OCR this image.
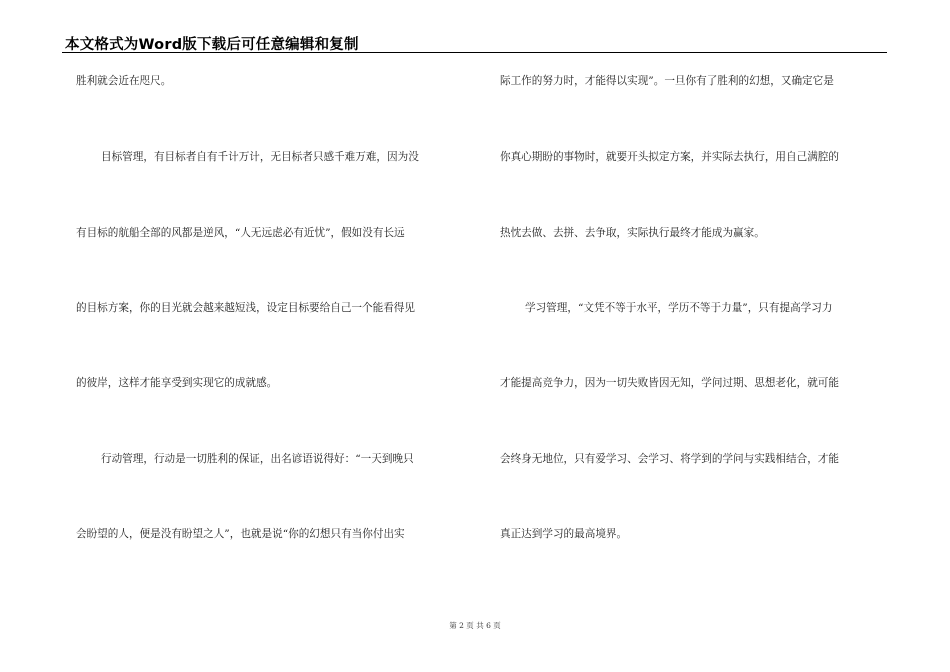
本文格式为Word版下载后可任意编辑和复制
胜利就会近在咫尺。
目标管理，有目标者自有千计万计，无目标者只感千难万难，因为没
有目标的航船全部的风都是逆风，“人无远虑必有近忧”，假如没有长远
的目标方案，你的目光就会越来越短浅，设定目标要给自己一个能看得见
的彼岸，这样才能享受到实现它的成就感。
行动管理，行动是一切胜利的保证，出名谚语说得好：“一天到晚只
会盼望的人，便是没有盼望之人”，也就是说“你的幻想只有当你付出实
际工作的努力时，才能得以实现”。一旦你有了胜利的幻想，又确定它是
你真心期盼的事物时，就要开头拟定方案，并实际去执行，用自己满腔的
热忱去做、去拼、去争取，实际执行最终才能成为赢家。
学习管理，“文凭不等于水平，学历不等于力量”，只有提高学习力
才能提高竞争力，因为一切失败皆因无知，学问过期、思想老化，就可能
会终身无地位，只有爱学习、会学习、将学到的学问与实践相结合，才能
真正达到学习的最高境界。
第 2 页 共 6 页
